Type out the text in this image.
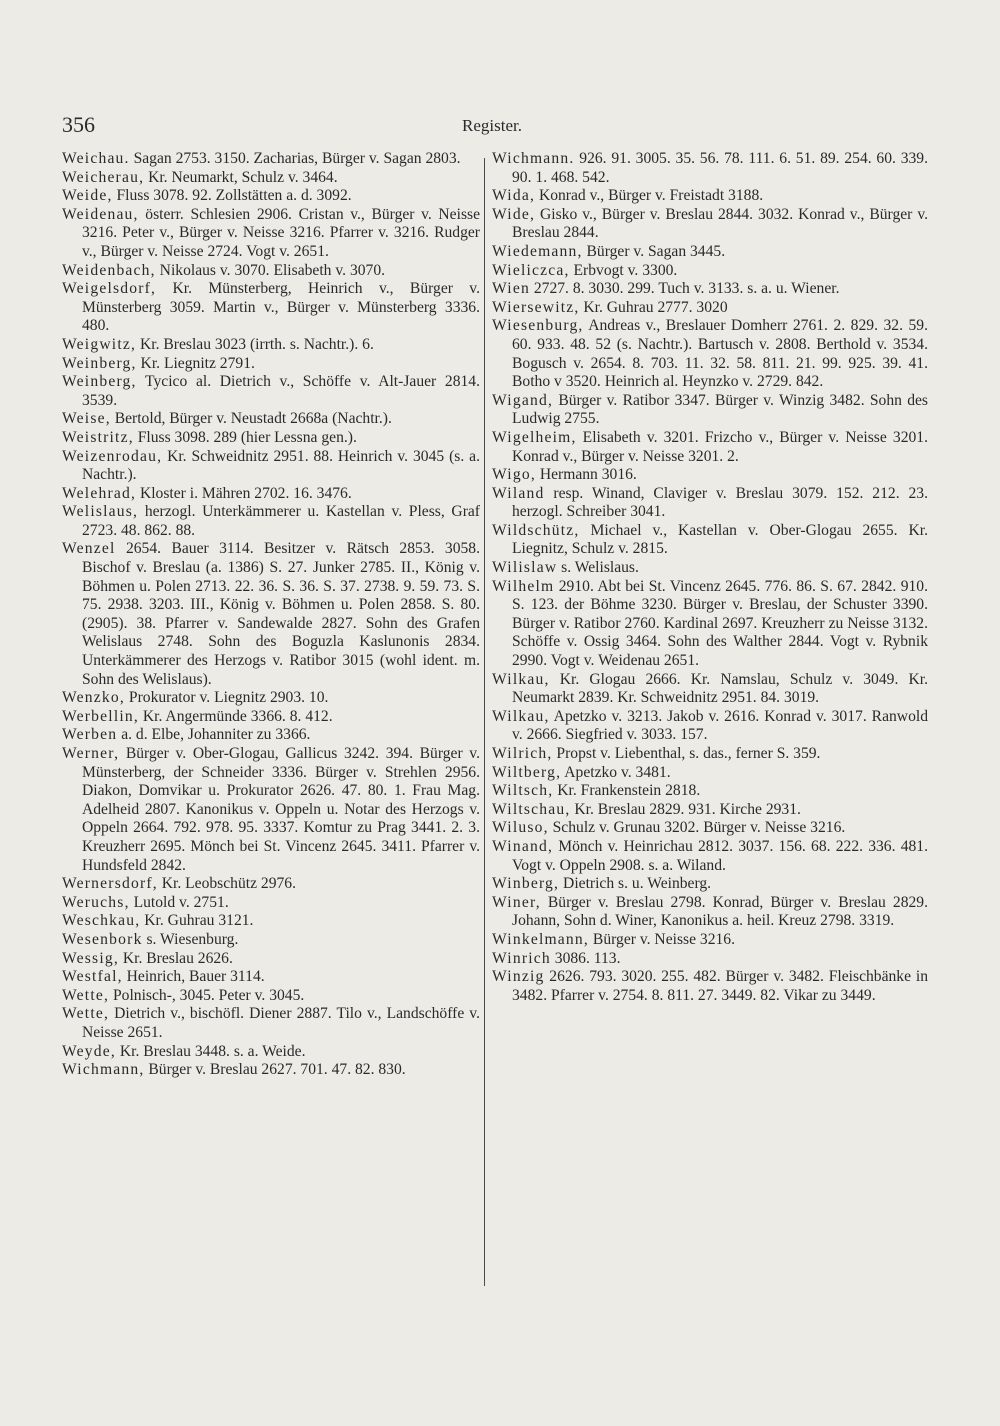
356	Register.

Weichau. Sagan 2753. 3150. Zacharias, Bürger v. Sagan 2803.

Weicherau, Kr. Neumarkt, Schulz v. 3464.

Weide, Fluss 3078. 92. Zollstätten a. d. 3092.

Weidenau, österr. Schlesien 2906. Cristan v., Bürger v. Neisse 3216. Peter v., Bürger v. Neisse 3216. Pfarrer v. 3216. Rudger v., Bürger v. Neisse 2724. Vogt v. 2651.

Weidenbach, Nikolaus v. 3070. Elisabeth v. 3070.

Weigelsdorf, Kr. Münsterberg, Heinrich v., Bürger v. Münsterberg 3059. Martin v., Bürger v. Münsterberg 3336. 480.

Weigwitz, Kr. Breslau 3023 (irrth. s. Nachtr.). 6.

Weinberg, Kr. Liegnitz 2791.

Weinberg, Tycico al. Dietrich v., Schöffe v. Alt-Jauer 2814. 3539.

Weise, Bertold, Bürger v. Neustadt 2668a (Nachtr.).

Weistritz, Fluss 3098. 289 (hier Lessna gen.).

Weizenrodau, Kr. Schweidnitz 2951. 88. Heinrich v. 3045 (s. a. Nachtr.).

Welehrad, Kloster i. Mähren 2702. 16. 3476.

Welislaus, herzogl. Unterkämmerer u. Kastellan v. Pless, Graf 2723. 48. 862. 88.

Wenzel 2654. Bauer 3114. Besitzer v. Rätsch 2853. 3058. Bischof v. Breslau (a. 1386) S. 27. Junker 2785. II., König v. Böhmen u. Polen 2713. 22. 36. S. 36. S. 37. 2738. 9. 59. 73. S. 75. 2938. 3203. III., König v. Böhmen u. Polen 2858. S. 80. (2905). 38. Pfarrer v. Sandewalde 2827. Sohn des Grafen Welislaus 2748. Sohn des Boguzla Kaslunonis 2834. Unterkämmerer des Herzogs v. Ratibor 3015 (wohl ident. m. Sohn des Welislaus).

Wenzko, Prokurator v. Liegnitz 2903. 10.

Werbellin, Kr. Angermünde 3366. 8. 412.

Werben a. d. Elbe, Johanniter zu 3366.

Werner, Bürger v. Ober-Glogau, Gallicus 3242. 394. Bürger v. Münsterberg, der Schneider 3336. Bürger v. Strehlen 2956. Diakon, Domvikar u. Prokurator 2626. 47. 80. 1. Frau Mag. Adelheid 2807. Kanonikus v. Oppeln u. Notar des Herzogs v. Oppeln 2664. 792. 978. 95. 3337. Komtur zu Prag 3441. 2. 3. Kreuzherr 2695. Mönch bei St. Vincenz 2645. 3411. Pfarrer v. Hundsfeld 2842.

Wernersdorf, Kr. Leobschütz 2976.

Weruchs, Lutold v. 2751.

Weschkau, Kr. Guhrau 3121.

Wesenbork s. Wiesenburg.

Wessig, Kr. Breslau 2626.

Westfal, Heinrich, Bauer 3114.

Wette, Polnisch-, 3045. Peter v. 3045.

Wette, Dietrich v., bischöfl. Diener 2887. Tilo v., Landschöffe v. Neisse 2651.

Weyde, Kr. Breslau 3448. s. a. Weide.

Wichmann, Bürger v. Breslau 2627. 701. 47. 82. 830.

Wichmann. 926. 91. 3005. 35. 56. 78. 111. 6. 51. 89. 254. 60. 339. 90. 1. 468. 542.

Wida, Konrad v., Bürger v. Freistadt 3188.

Wide, Gisko v., Bürger v. Breslau 2844. 3032. Konrad v., Bürger v. Breslau 2844.

Wiedemann, Bürger v. Sagan 3445.

Wieliczca, Erbvogt v. 3300.

Wien 2727. 8. 3030. 299. Tuch v. 3133. s. a. u. Wiener.

Wiersewitz, Kr. Guhrau 2777. 3020

Wiesenburg, Andreas v., Breslauer Domherr 2761. 2. 829. 32. 59. 60. 933. 48. 52 (s. Nachtr.). Bartusch v. 2808. Berthold v. 3534. Bogusch v. 2654. 8. 703. 11. 32. 58. 811. 21. 99. 925. 39. 41. Botho v 3520. Heinrich al. Heynzko v. 2729. 842.

Wigand, Bürger v. Ratibor 3347. Bürger v. Winzig 3482. Sohn des Ludwig 2755.

Wigelheim, Elisabeth v. 3201. Frizcho v., Bürger v. Neisse 3201. Konrad v., Bürger v. Neisse 3201. 2.

Wigo, Hermann 3016.

Wiland resp. Winand, Claviger v. Breslau 3079. 152. 212. 23. herzogl. Schreiber 3041.

Wildschütz, Michael v., Kastellan v. Ober-Glogau 2655. Kr. Liegnitz, Schulz v. 2815.

Wilislaw s. Welislaus.

Wilhelm 2910. Abt bei St. Vincenz 2645. 776. 86. S. 67. 2842. 910. S. 123. der Böhme 3230. Bürger v. Breslau, der Schuster 3390. Bürger v. Ratibor 2760. Kardinal 2697. Kreuzherr zu Neisse 3132. Schöffe v. Ossig 3464. Sohn des Walther 2844. Vogt v. Rybnik 2990. Vogt v. Weidenau 2651.

Wilkau, Kr. Glogau 2666. Kr. Namslau, Schulz v. 3049. Kr. Neumarkt 2839. Kr. Schweidnitz 2951. 84. 3019.

Wilkau, Apetzko v. 3213. Jakob v. 2616. Konrad v. 3017. Ranwold v. 2666. Siegfried v. 3033. 157.

Wilrich, Propst v. Liebenthal, s. das., ferner S. 359.

Wiltberg, Apetzko v. 3481.

Wiltsch, Kr. Frankenstein 2818.

Wiltschau, Kr. Breslau 2829. 931. Kirche 2931.

Wiluso, Schulz v. Grunau 3202. Bürger v. Neisse 3216.

Winand, Mönch v. Heinrichau 2812. 3037. 156. 68. 222. 336. 481. Vogt v. Oppeln 2908. s. a. Wiland.

Winberg, Dietrich s. u. Weinberg.

Winer, Bürger v. Breslau 2798. Konrad, Bürger v. Breslau 2829. Johann, Sohn d. Winer, Kanonikus a. heil. Kreuz 2798. 3319.

Winkelmann, Bürger v. Neisse 3216.

Winrich 3086. 113.

Winzig 2626. 793. 3020. 255. 482. Bürger v. 3482. Fleischbänke in 3482. Pfarrer v. 2754. 8. 811. 27. 3449. 82. Vikar zu 3449.
